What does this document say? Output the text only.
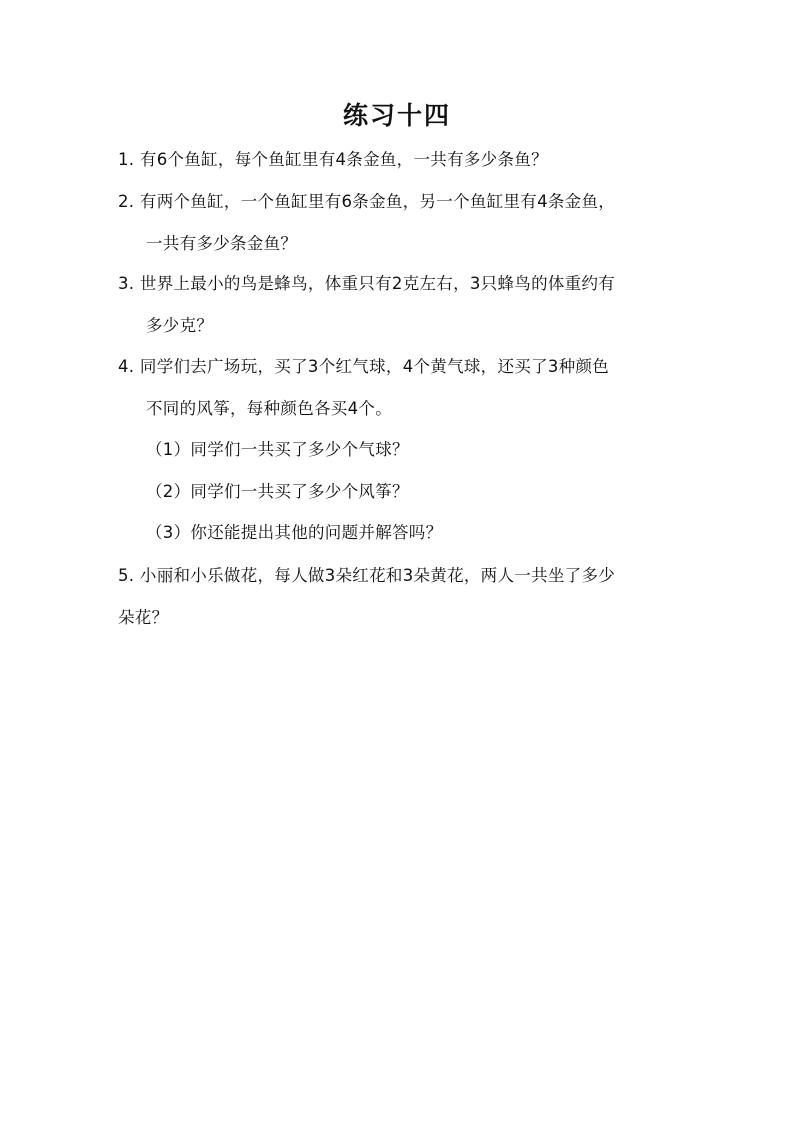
练习十四
1. 有6个鱼缸，每个鱼缸里有4条金鱼，一共有多少条鱼？
2. 有两个鱼缸，一个鱼缸里有6条金鱼，另一个鱼缸里有4条金鱼，
一共有多少条金鱼？
3. 世界上最小的鸟是蜂鸟，体重只有2克左右，3只蜂鸟的体重约有
多少克？
4. 同学们去广场玩，买了3个红气球，4个黄气球，还买了3种颜色
不同的风筝，每种颜色各买4个。
（1）同学们一共买了多少个气球？
（2）同学们一共买了多少个风筝？
（3）你还能提出其他的问题并解答吗？
5. 小丽和小乐做花，每人做3朵红花和3朵黄花，两人一共坐了多少
朵花？
